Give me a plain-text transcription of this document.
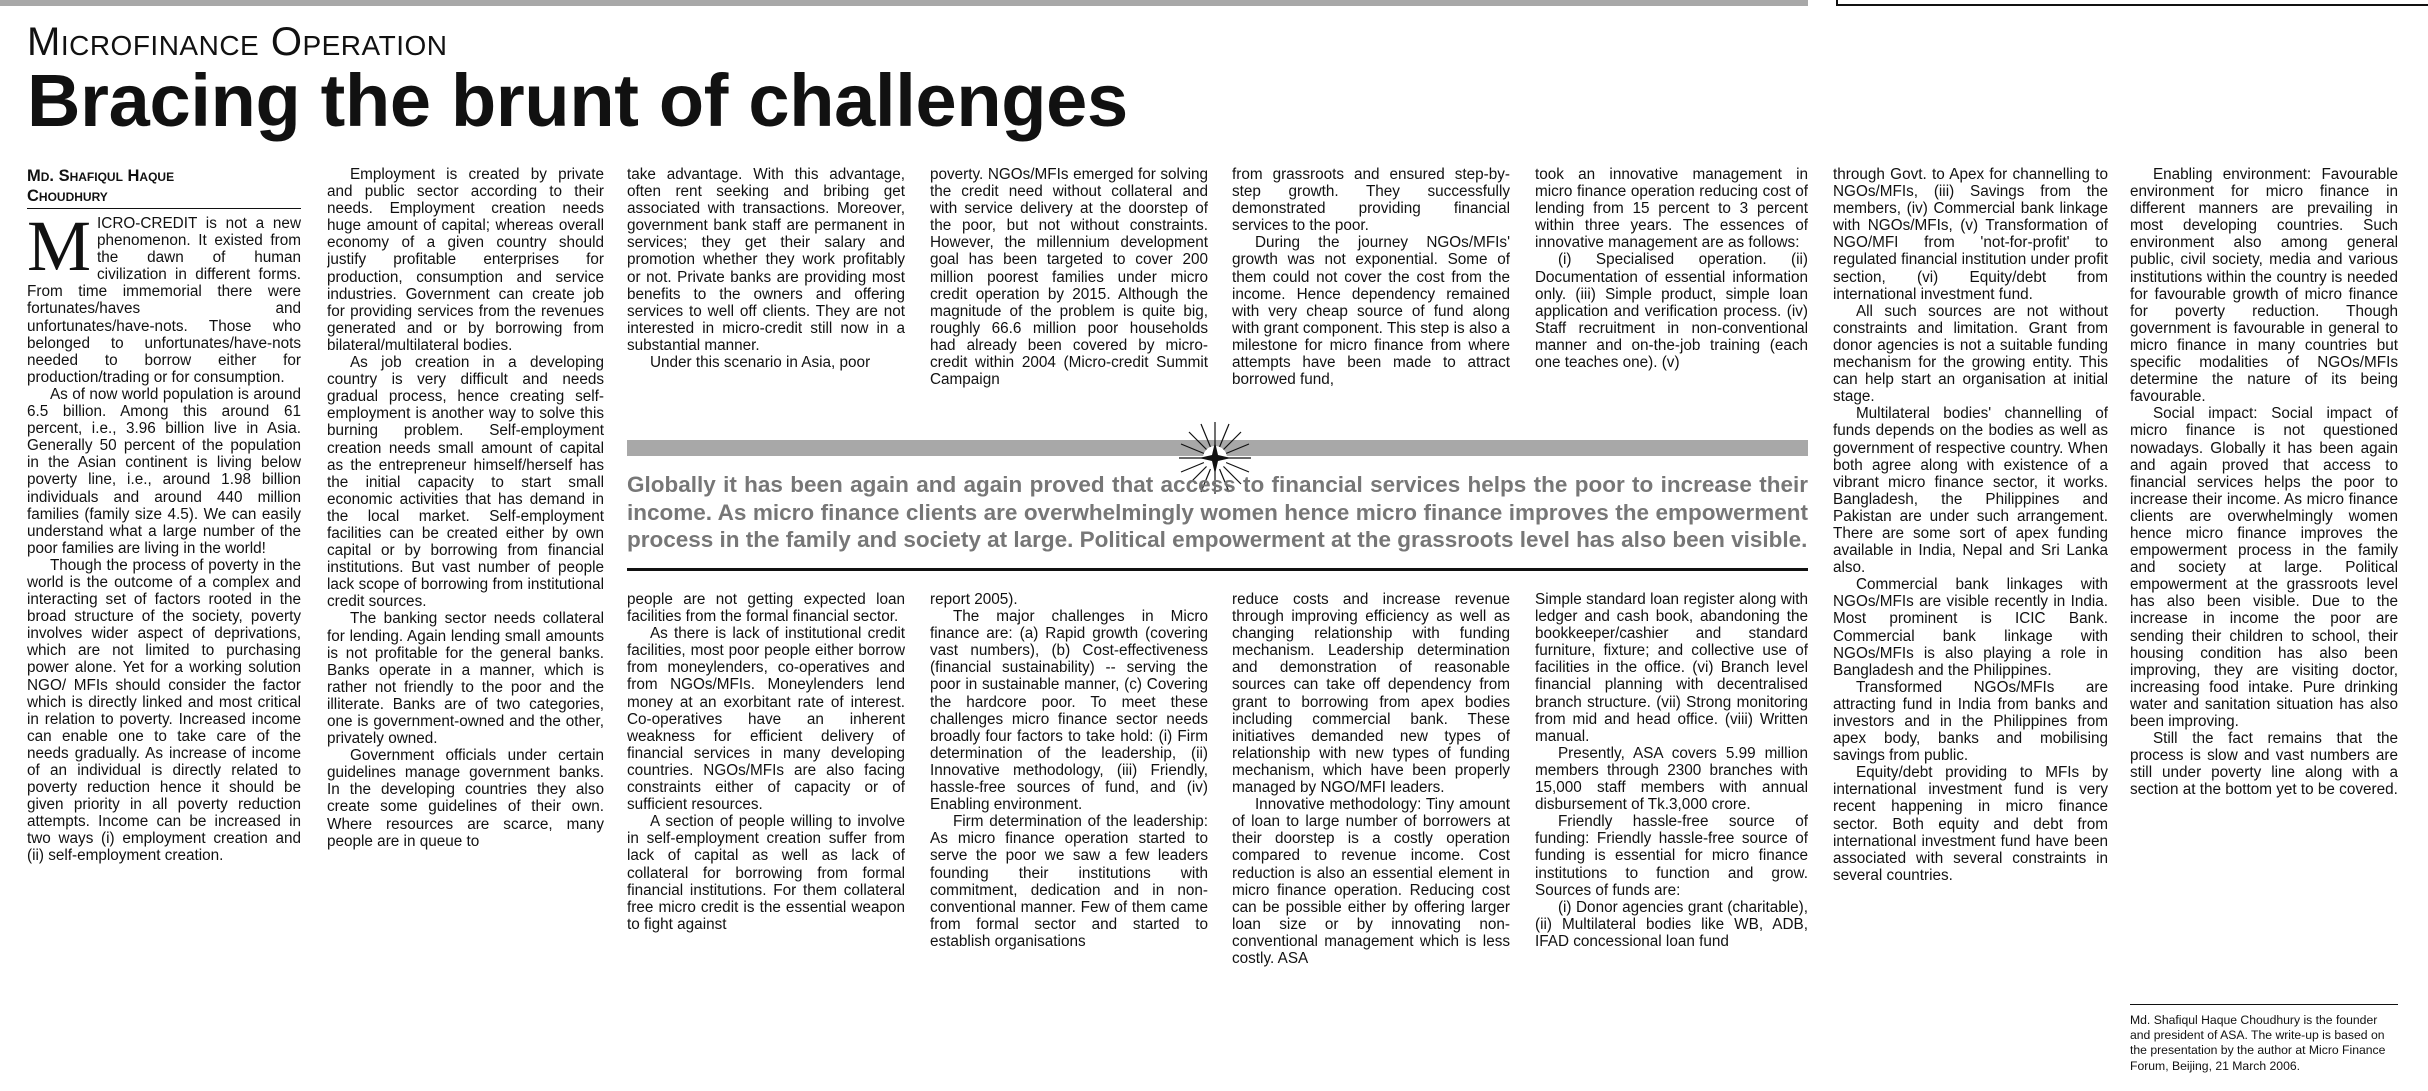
Microfinance Operation
Bracing the brunt of challenges
Md. Shafiqul Haque
Choudhury

MICRO-CREDIT is not a new phenomenon. It existed from the dawn of human civilization in different forms. From time immemorial there were fortunates/haves and unfortunates/have-nots. Those who belonged to unfortunates/have-nots needed to borrow either for production/trading or for consumption.

As of now world population is around 6.5 billion. Among this around 61 percent, i.e., 3.96 billion live in Asia. Generally 50 percent of the population in the Asian continent is living below poverty line, i.e., around 1.98 billion individuals and around 440 million families (family size 4.5). We can easily understand what a large number of the poor families are living in the world!

Though the process of poverty in the world is the outcome of a complex and interacting set of factors rooted in the broad structure of the society, poverty involves wider aspect of deprivations, which are not limited to purchasing power alone. Yet for a working solution NGO/ MFIs should consider the factor which is directly linked and most critical in relation to poverty. Increased income can enable one to take care of the needs gradually. As increase of income of an individual is directly related to poverty reduction hence it should be given priority in all poverty reduction attempts. Income can be increased in two ways (i) employment creation and (ii) self-employment creation.

Employment is created by private and public sector according to their needs. Employment creation needs huge amount of capital; whereas overall economy of a given country should justify profitable enterprises for production, consumption and service industries. Government can create job for providing services from the revenues generated and or by borrowing from bilateral/multilateral bodies.

As job creation in a developing country is very difficult and needs gradual process, hence creating self-employment is another way to solve this burning problem. Self-employment creation needs small amount of capital as the entrepreneur himself/herself has the initial capacity to start small economic activities that has demand in the local market. Self-employment facilities can be created either by own capital or by borrowing from financial institutions. But vast number of people lack scope of borrowing from institutional credit sources.

The banking sector needs collateral for lending. Again lending small amounts is not profitable for the general banks. Banks operate in a manner, which is rather not friendly to the poor and the illiterate. Banks are of two categories, one is government-owned and the other, privately owned.

Government officials under certain guidelines manage government banks. In the developing countries they also create some guidelines of their own. Where resources are scarce, many people are in queue to

take advantage. With this advantage, often rent seeking and bribing get associated with transactions. Moreover, government bank staff are permanent in services; they get their salary and promotion whether they work profitably or not. Private banks are providing most benefits to the owners and offering services to well off clients. They are not interested in micro-credit still now in a substantial manner.

Under this scenario in Asia, poor

poverty. NGOs/MFIs emerged for solving the credit need without collateral and with service delivery at the doorstep of the poor, but not without constraints. However, the millennium development goal has been targeted to cover 200 million poorest families under micro credit operation by 2015. Although the magnitude of the problem is quite big, roughly 66.6 million poor households had already been covered by micro-credit within 2004 (Micro-credit Summit Campaign

from grassroots and ensured step-by-step growth. They successfully demonstrated providing financial services to the poor.

During the journey NGOs/MFIs' growth was not exponential. Some of them could not cover the cost from the income. Hence dependency remained with very cheap source of fund along with grant component. This step is also a milestone for micro finance from where attempts have been made to attract borrowed fund,

took an innovative management in micro finance operation reducing cost of lending from 15 percent to 3 percent within three years. The essences of innovative management are as follows:

(i) Specialised operation. (ii) Documentation of essential information only. (iii) Simple product, simple loan application and verification process. (iv) Staff recruitment in non-conventional manner and on-the-job training (each one teaches one). (v)

Globally it has been again and again proved that access to financial services helps the poor to increase their income. As micro finance clients are overwhelmingly women hence micro finance improves the empowerment process in the family and society at large. Political empowerment at the grassroots level has also been visible.

people are not getting expected loan facilities from the formal financial sector.

As there is lack of institutional credit facilities, most poor people either borrow from moneylenders, co-operatives and from NGOs/MFIs. Moneylenders lend money at an exorbitant rate of interest. Co-operatives have an inherent weakness for efficient delivery of financial services in many developing countries. NGOs/MFIs are also facing constraints either of capacity or of sufficient resources.

A section of people willing to involve in self-employment creation suffer from lack of capital as well as lack of collateral for borrowing from formal financial institutions. For them collateral free micro credit is the essential weapon to fight against

report 2005).

The major challenges in Micro finance are: (a) Rapid growth (covering vast numbers), (b) Cost-effectiveness (financial sustainability) -- serving the poor in sustainable manner, (c) Covering the hardcore poor. To meet these challenges micro finance sector needs broadly four factors to take hold: (i) Firm determination of the leadership, (ii) Innovative methodology, (iii) Friendly, hassle-free sources of fund, and (iv) Enabling environment.

Firm determination of the leadership: As micro finance operation started to serve the poor we saw a few leaders founding their institutions with commitment, dedication and in non-conventional manner. Few of them came from formal sector and started to establish organisations

reduce costs and increase revenue through improving efficiency as well as changing relationship with funding mechanism. Leadership determination and demonstration of reasonable sources can take off dependency from grant to borrowing from apex bodies including commercial bank. These initiatives demanded new types of relationship with new types of funding mechanism, which have been properly managed by NGO/MFI leaders.

Innovative methodology: Tiny amount of loan to large number of borrowers at their doorstep is a costly operation compared to revenue income. Cost reduction is also an essential element in micro finance operation. Reducing cost can be possible either by offering larger loan size or by innovating non-conventional management which is less costly. ASA

Simple standard loan register along with ledger and cash book, abandoning the bookkeeper/cashier and standard furniture, fixture; and collective use of facilities in the office. (vi) Branch level financial planning with decentralised branch structure. (vii) Strong monitoring from mid and head office. (viii) Written manual.

Presently, ASA covers 5.99 million members through 2300 branches with 15,000 staff members with annual disbursement of Tk.3,000 crore.

Friendly hassle-free source of funding: Friendly hassle-free source of funding is essential for micro finance institutions to function and grow. Sources of funds are:

(i) Donor agencies grant (charitable), (ii) Multilateral bodies like WB, ADB, IFAD concessional loan fund

through Govt. to Apex for channelling to NGOs/MFIs, (iii) Savings from the members, (iv) Commercial bank linkage with NGOs/MFIs, (v) Transformation of NGO/MFI from 'not-for-profit' to regulated financial institution under profit section, (vi) Equity/debt from international investment fund.

All such sources are not without constraints and limitation. Grant from donor agencies is not a suitable funding mechanism for the growing entity. This can help start an organisation at initial stage.

Multilateral bodies' channelling of funds depends on the bodies as well as government of respective country. When both agree along with existence of a vibrant micro finance sector, it works. Bangladesh, the Philippines and Pakistan are under such arrangement. There are some sort of apex funding available in India, Nepal and Sri Lanka also.

Commercial bank linkages with NGOs/MFIs are visible recently in India. Most prominent is ICIC Bank. Commercial bank linkage with NGOs/MFIs is also playing a role in Bangladesh and the Philippines.

Transformed NGOs/MFIs are attracting fund in India from banks and investors and in the Philippines from apex body, banks and mobilising savings from public.

Equity/debt providing to MFIs by international investment fund is very recent happening in micro finance sector. Both equity and debt from international investment fund have been associated with several constraints in several countries.

Enabling environment: Favourable environment for micro finance in different manners are prevailing in most developing countries. Such environment also among general public, civil society, media and various institutions within the country is needed for favourable growth of micro finance for poverty reduction. Though government is favourable in general to micro finance in many countries but specific modalities of NGOs/MFIs determine the nature of its being favourable.

Social impact: Social impact of micro finance is not questioned nowadays. Globally it has been again and again proved that access to financial services helps the poor to increase their income. As micro finance clients are overwhelmingly women hence micro finance improves the empowerment process in the family and society at large. Political empowerment at the grassroots level has also been visible. Due to the increase in income the poor are sending their children to school, their housing condition has also been improving, they are visiting doctor, increasing food intake. Pure drinking water and sanitation situation has also been improving.

Still the fact remains that the process is slow and vast numbers are still under poverty line along with a section at the bottom yet to be covered.

Md. Shafiqul Haque Choudhury is the founder and president of ASA. The write-up is based on the presentation by the author at Micro Finance Forum, Beijing, 21 March 2006.
